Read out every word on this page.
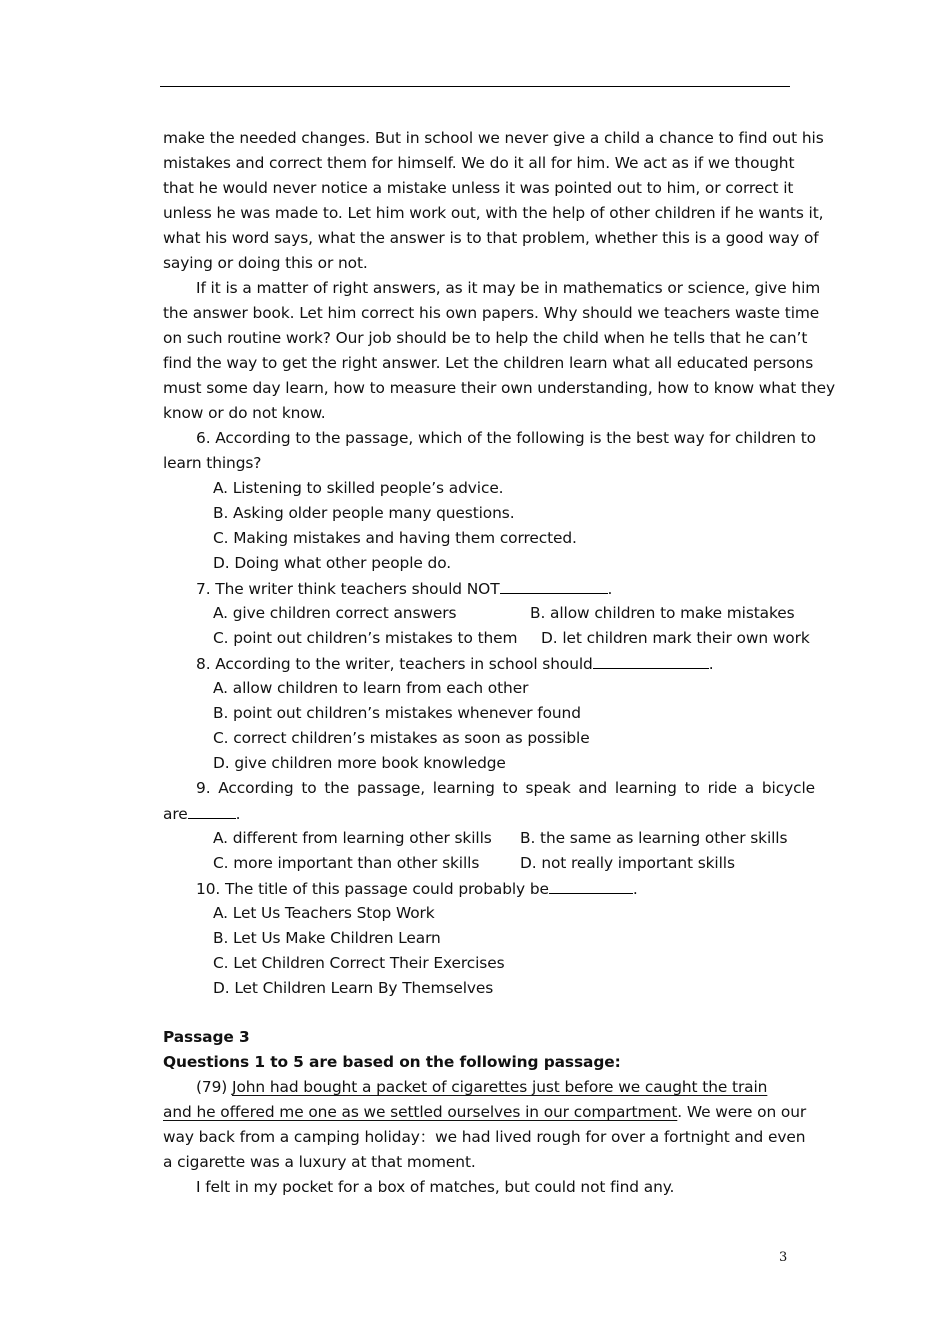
make the needed changes. But in school we never give a child a chance to find out his
mistakes and correct them for himself. We do it all for him. We act as if we thought
that he would never notice a mistake unless it was pointed out to him, or correct it
unless he was made to. Let him work out, with the help of other children if he wants it,
what his word says, what the answer is to that problem, whether this is a good way of
saying or doing this or not.
If it is a matter of right answers, as it may be in mathematics or science, give him
the answer book. Let him correct his own papers. Why should we teachers waste time
on such routine work? Our job should be to help the child when he tells that he can’t
find the way to get the right answer. Let the children learn what all educated persons
must some day learn, how to measure their own understanding, how to know what they
know or do not know.
6. According to the passage, which of the following is the best way for children to
learn things?
A. Listening to skilled people’s advice.
B. Asking older people many questions.
C. Making mistakes and having them corrected.
D. Doing what other people do.
7. The writer think teachers should NOT	.
A. give children correct answers	B. allow children to make mistakes
C. point out children’s mistakes to them D. let children mark their own work
8. According to the writer, teachers in school should	.
A. allow children to learn from each other
B. point out children’s mistakes whenever found
C. correct children’s mistakes as soon as possible
D. give children more book knowledge
9. According to the passage, learning to speak and learning to ride a bicycle
are	.
A. different from learning other skills B. the same as learning other skills
C. more important than other skills	D. not really important skills
10. The title of this passage could probably be	.
A. Let Us Teachers Stop Work
B. Let Us Make Children Learn
C. Let Children Correct Their Exercises
D. Let Children Learn By Themselves
Passage 3
Questions 1 to 5 are based on the following passage:
(79) John had bought a packet of cigarettes just before we caught the train
and he offered me one as we settled ourselves in our compartment. We were on our
way back from a camping holiday：we had lived rough for over a fortnight and even
a cigarette was a luxury at that moment.
I felt in my pocket for a box of matches, but could not find any.
3
